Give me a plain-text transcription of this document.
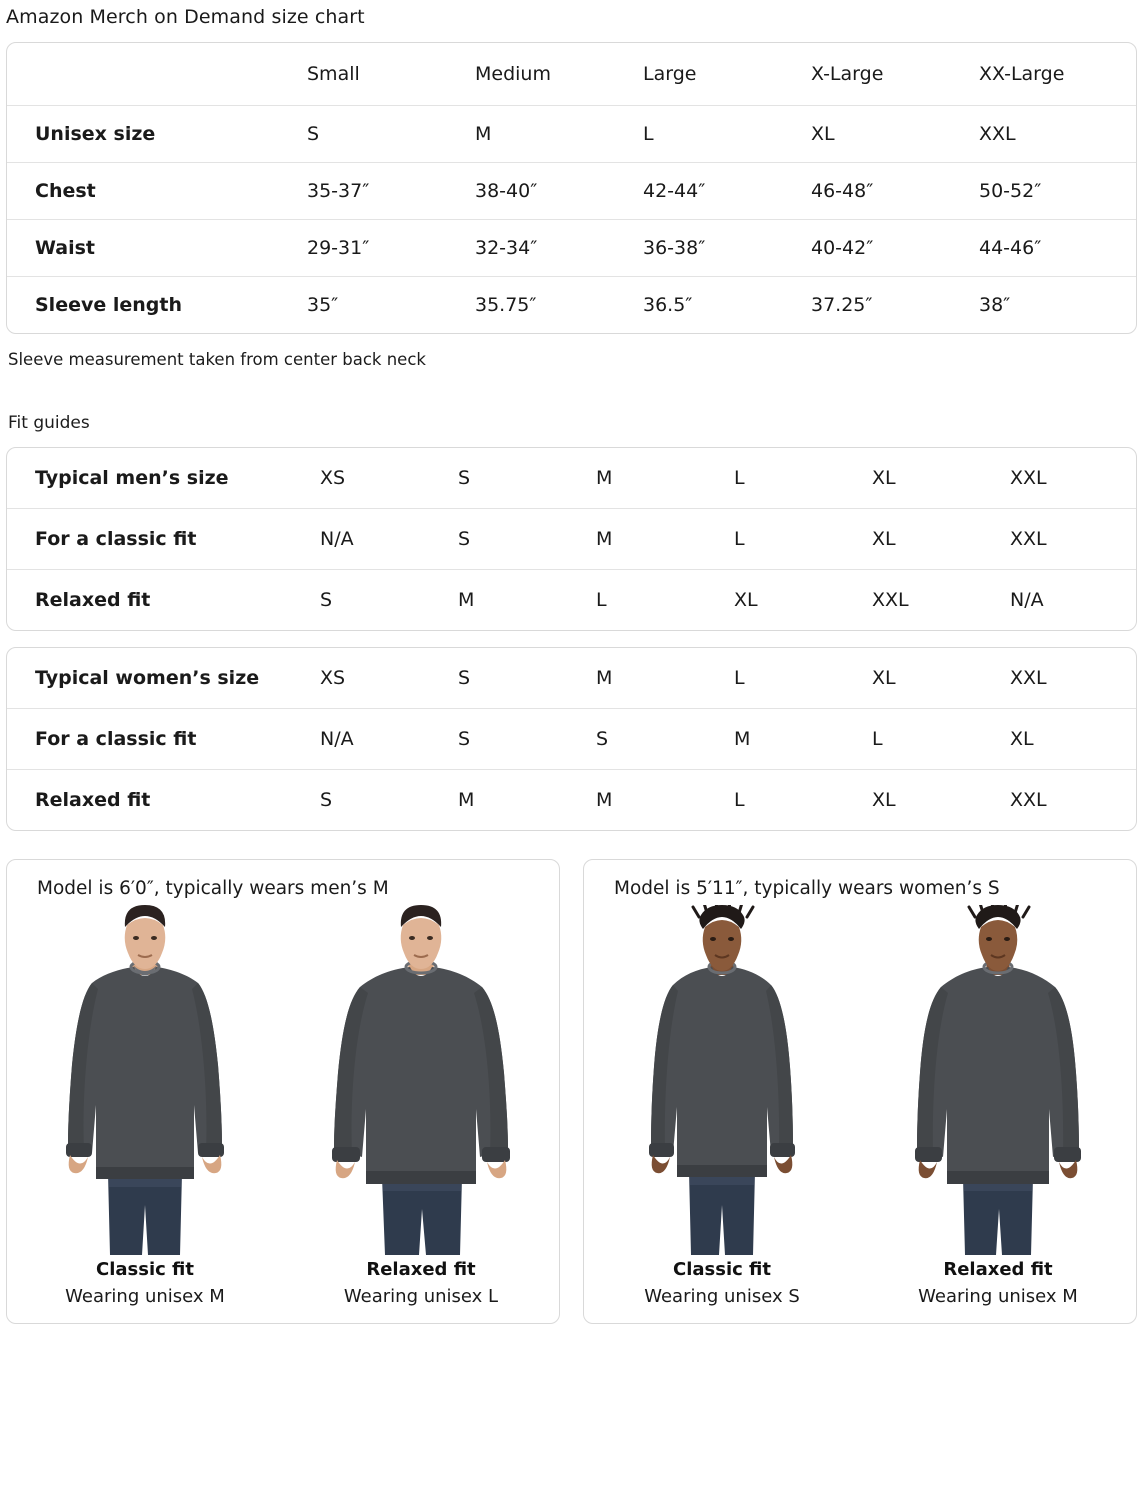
Amazon Merch on Demand size chart
	Small	Medium	Large	X-Large	XX-Large
Unisex size	S	M	L	XL	XXL
Chest	35-37″	38-40″	42-44″	46-48″	50-52″
Waist	29-31″	32-34″	36-38″	40-42″	44-46″
Sleeve length	35″	35.75″	36.5″	37.25″	38″
Sleeve measurement taken from center back neck
Fit guides
Typical men’s size	XS	S	M	L	XL	XXL
For a classic fit	N/A	S	M	L	XL	XXL
Relaxed fit	S	M	L	XL	XXL	N/A
Typical women’s size	XS	S	M	L	XL	XXL
For a classic fit	N/A	S	S	M	L	XL
Relaxed fit	S	M	M	L	XL	XXL
Model is 6′0″, typically wears men’s M
Classic fit
Wearing unisex M
Relaxed fit
Wearing unisex L
Model is 5′11″, typically wears women’s S
Classic fit
Wearing unisex S
Relaxed fit
Wearing unisex M
